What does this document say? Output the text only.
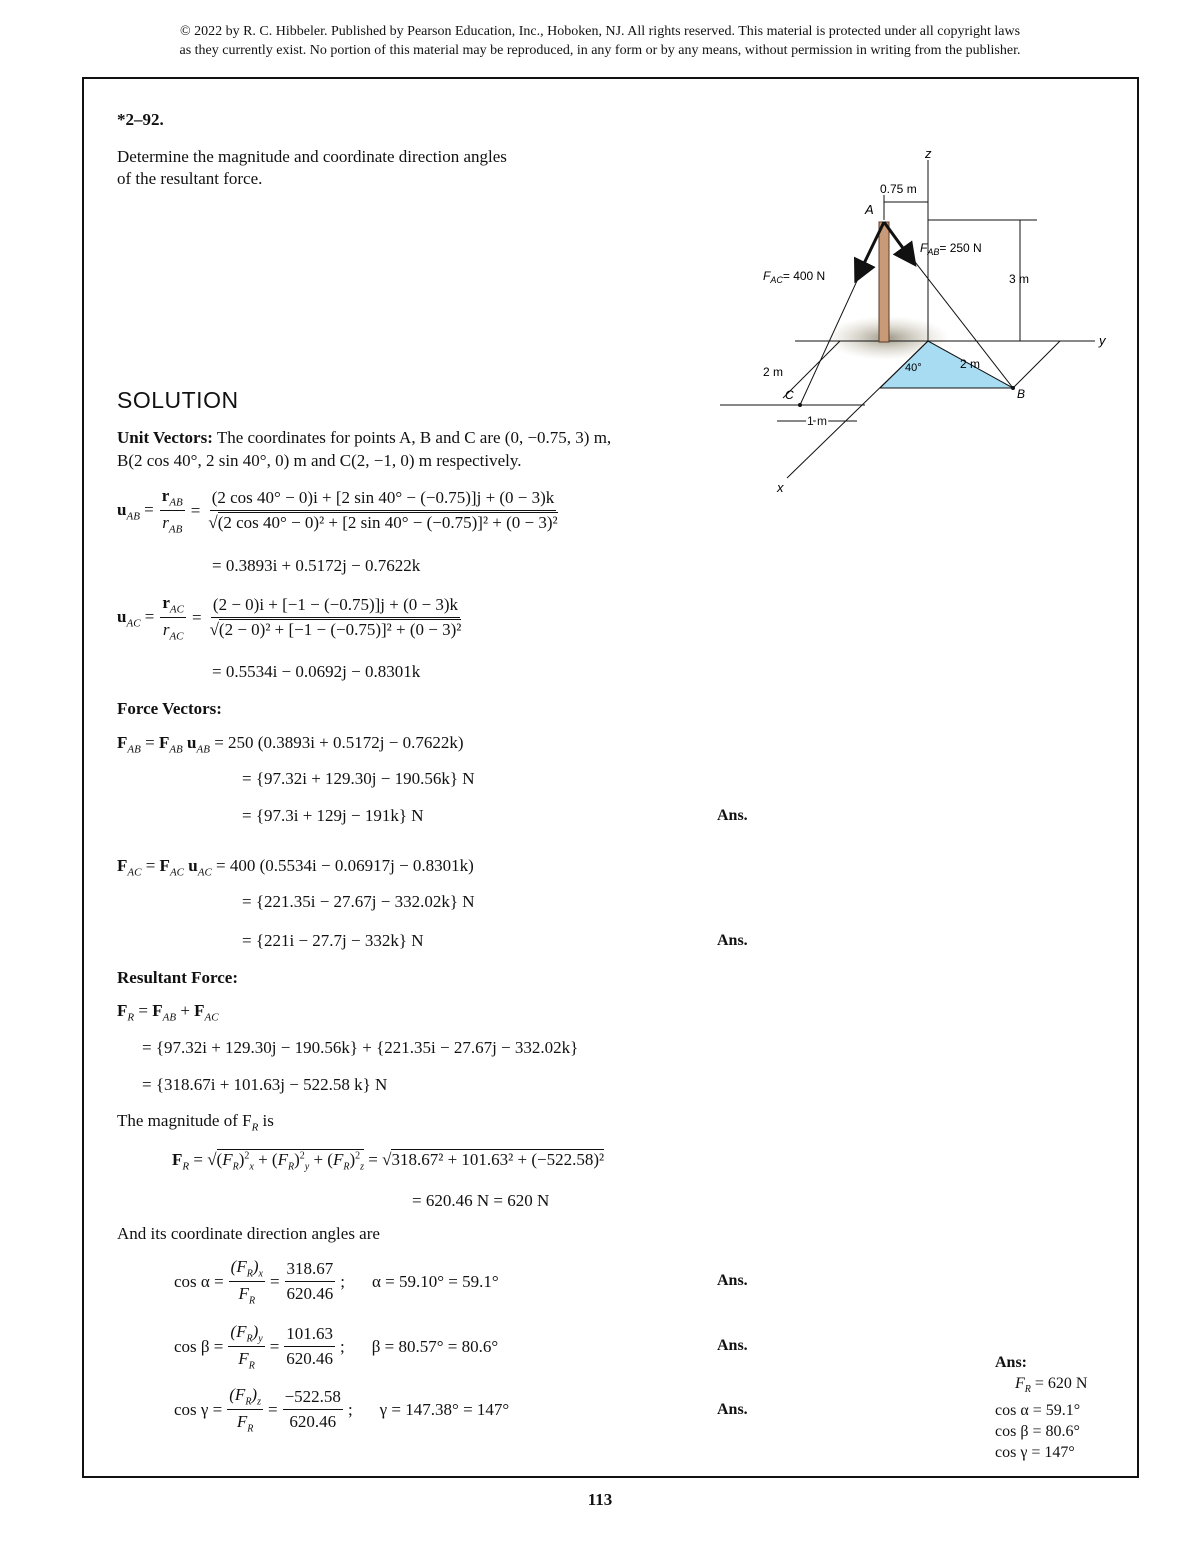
© 2022 by R. C. Hibbeler. Published by Pearson Education, Inc., Hoboken, NJ. All rights reserved. This material is protected under all copyright laws
as they currently exist. No portion of this material may be reproduced, in any form or by any means, without permission in writing from the publisher.
*2–92.
Determine the magnitude and coordinate direction angles
of the resultant force.
z
y
x
0.75 m
A
3 m
$F_{AB}= 250$ N
$F_{AC}= 400$ N
2 m	40°	2 m
C	B
1 m
SOLUTION
Unit Vectors: The coordinates for points A, B and C are (0, −0.75, 3) m,
B(2 cos 40°, 2 sin 40°, 0) m and C(2, −1, 0) m respectively.
$u_{AB} = \frac{r_{AB}}{r_{AB}} = \frac{(2 \cos 40^\circ - 0)i + [2 \sin 40^\circ - (-0.75)]j + (0 - 3)k}{\text{√(2 cos 40° − 0)² + [2 sin 40° − (−0.75)]² + (0 − 3)²}}$
= 0.3893i + 0.5172j − 0.7622k
$u_{AC} = \frac{r_{AC}}{r_{AC}} = \frac{(2 - 0)i + [-1 - (-0.75)]j + (0 - 3)k}{\text{√(2 − 0)² + [−1 − (−0.75)]² + (0 − 3)²}}$
= 0.5534i − 0.0692j − 0.8301k
Force Vectors:
$F_{AB} = F_{AB}$ $u_{AB} = 250$ (0.3893i + 0.5172j − 0.7622k)
= {97.32i + 129.30j − 190.56k} N
= {97.3i + 129j − 191k} N	Ans.
$F_{AC} = F_{AC}$ $u_{AC} = 400$ (0.5534i − 0.06917j − 0.8301k)
= {221.35i − 27.67j − 332.02k} N
= {221i − 27.7j − 332k} N	Ans.
Resultant Force:
$F_R = F_{AB} + F_{AC}$
= {97.32i + 129.30j − 190.56k} + {221.35i − 27.67j − 332.02k}
= {318.67i + 101.63j − 522.58 k} N
The magnitude of $F_R$ is
$F_R = √(F_R)^2_x + (F_R)^2_y + (F_R)^2_z = √318.67^2 + 101.63^2 + (-522.58)^2$
= 620.46 N = 620 N
And its coordinate direction angles are
$\cos \alpha = \frac{(F_R)_x}{F_R} = \frac{318.67}{620.46}$ ; α = 59.10° = 59.1°	Ans.
$\cos \beta = \frac{(F_R)_y}{F_R} = \frac{101.63}{620.46}$ ; β = 80.57° = 80.6°	Ans.
$\cos \gamma = \frac{(F_R)_z}{F_R} = \frac{-522.58}{620.46}$ ; γ = 147.38° = 147°	Ans.
Ans:
$F_R = 620$ N
cos α = 59.1°
cos β = 80.6°
cos γ = 147°
113
